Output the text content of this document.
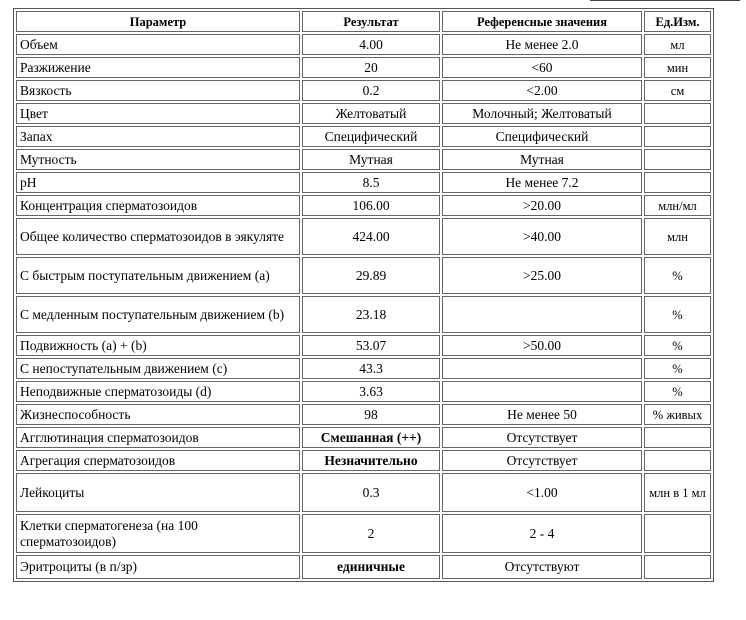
Параметр	Результат	Референсные значения	Ед.Изм.
Объем	4.00	Не менее 2.0	мл
Разжижение	20	<60	мин
Вязкость	0.2	<2.00	см
Цвет	Желтоватый	Молочный; Желтоватый	
Запах	Специфический	Специфический	
Мутность	Мутная	Мутная	
pH	8.5	Не менее 7.2	
Концентрация сперматозоидов	106.00	>20.00	млн/мл
Общее количество сперматозоидов в эякуляте	424.00	>40.00	млн
С быстрым поступательным движением (a)	29.89	>25.00	%
С медленным поступательным движением (b)	23.18		%
Подвижность (a) + (b)	53.07	>50.00	%
С непоступательным движением (c)	43.3		%
Неподвижные сперматозоиды (d)	3.63		%
Жизнеспособность	98	Не менее 50	% живых
Агглютинация сперматозоидов	Смешанная (++)	Отсутствует	
Агрегация сперматозоидов	Незначительно	Отсутствует	
Лейкоциты	0.3	<1.00	млн в 1 мл
Клетки сперматогенеза (на 100 сперматозоидов)	2	2 - 4	
Эритроциты (в п/зр)	единичные	Отсутствуют	
